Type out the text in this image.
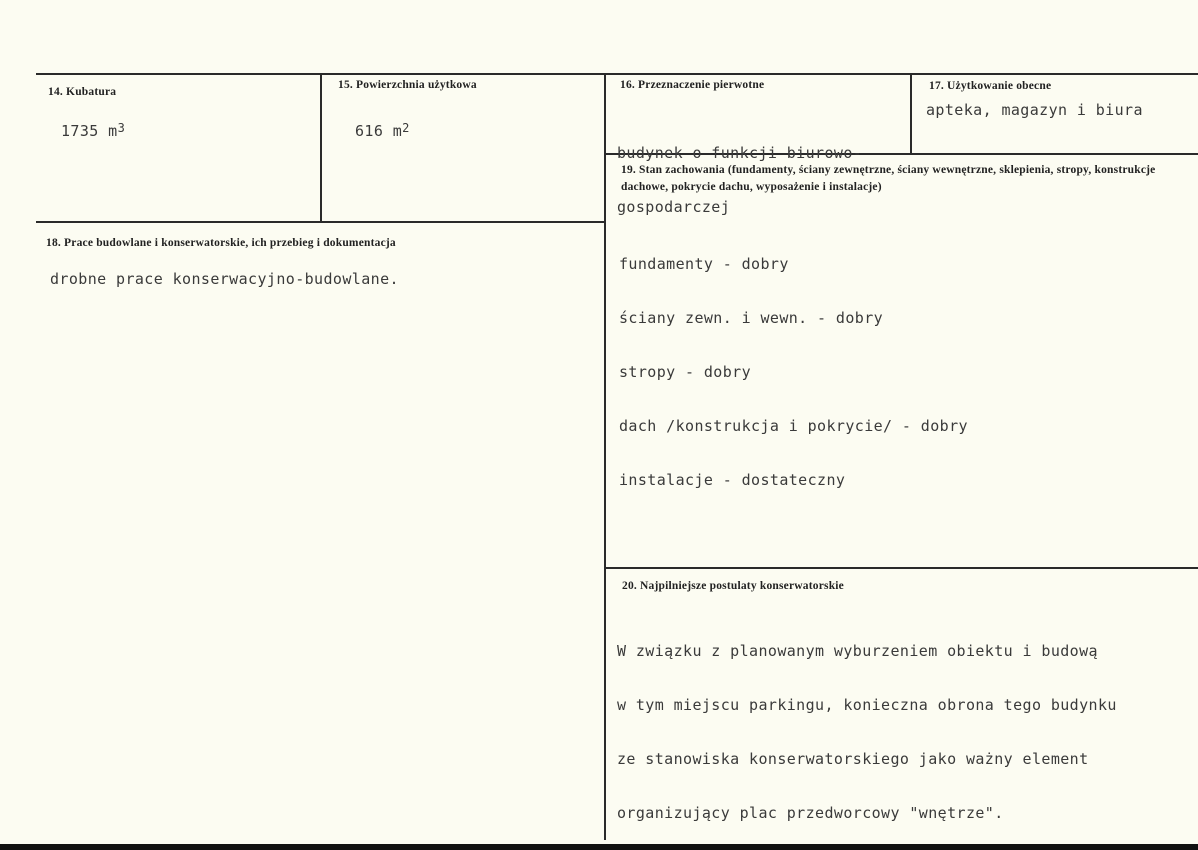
14. Kubatura
1735 $m^3$
15. Powierzchnia użytkowa
616 $m^2$
16. Przeznaczenie pierwotne

budynek o funkcji biurowo-

gospodarczej

17. Użytkowanie obecne
apteka, magazyn i biura
18. Prace budowlane i konserwatorskie, ich przebieg i dokumentacja
drobne prace konserwacyjno-budowlane.
19. Stan zachowania (fundamenty, ściany zewnętrzne, ściany wewnętrzne, sklepienia, stropy, konstrukcje dachowe, pokrycie dachu, wyposażenie i instalacje)

fundamenty - dobry

ściany zewn. i wewn. - dobry

stropy - dobry

dach /konstrukcja i pokrycie/ - dobry

instalacje - dostateczny

20. Najpilniejsze postulaty konserwatorskie

W związku z planowanym wyburzeniem obiektu i budową

w tym miejscu parkingu, konieczna obrona tego budynku

ze stanowiska konserwatorskiego jako ważny element

organizujący plac przedworcowy "wnętrze".
